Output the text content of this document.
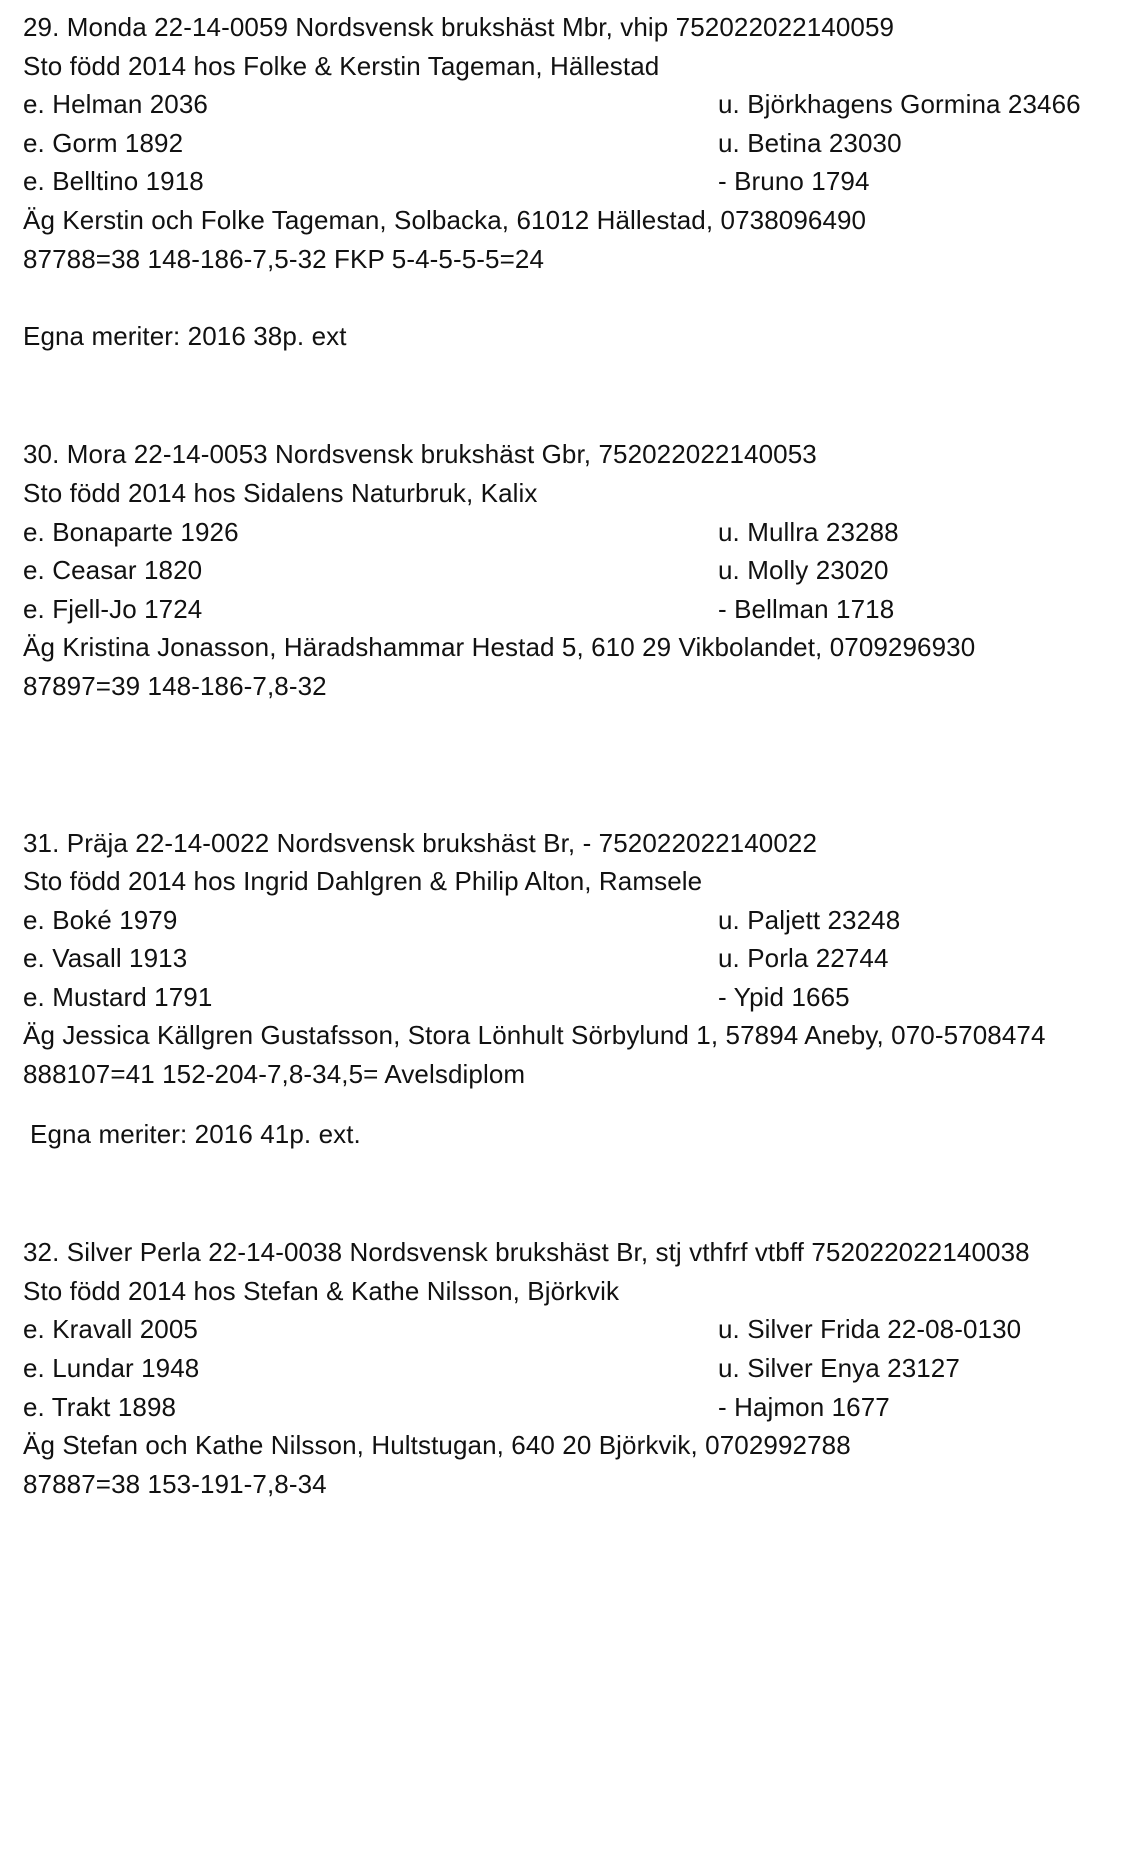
29. Monda 22-14-0059 Nordsvensk brukshäst Mbr, vhip 752022022140059
Sto född 2014 hos Folke & Kerstin Tageman, Hällestad
e. Helman 2036	u. Björkhagens Gormina 23466
e. Gorm 1892	u. Betina 23030
e. Belltino 1918	- Bruno 1794
Äg Kerstin och Folke Tageman, Solbacka, 61012 Hällestad, 0738096490
87788=38 148-186-7,5-32 FKP 5-4-5-5-5=24
Egna meriter: 2016 38p. ext
30. Mora 22-14-0053 Nordsvensk brukshäst Gbr, 752022022140053
Sto född 2014 hos Sidalens Naturbruk, Kalix
e. Bonaparte 1926	u. Mullra 23288
e. Ceasar 1820	u. Molly 23020
e. Fjell-Jo 1724	- Bellman 1718
Äg Kristina Jonasson, Häradshammar Hestad 5, 610 29 Vikbolandet, 0709296930
87897=39 148-186-7,8-32
31. Präja 22-14-0022 Nordsvensk brukshäst Br, - 752022022140022
Sto född 2014 hos Ingrid Dahlgren & Philip Alton, Ramsele
e. Boké 1979	u. Paljett 23248
e. Vasall 1913	u. Porla 22744
e. Mustard 1791	- Ypid 1665
Äg Jessica Källgren Gustafsson, Stora Lönhult Sörbylund 1, 57894 Aneby, 070-5708474
888107=41 152-204-7,8-34,5= Avelsdiplom
Egna meriter: 2016 41p. ext.
32. Silver Perla 22-14-0038 Nordsvensk brukshäst Br, stj vthfrf vtbff 752022022140038
Sto född 2014 hos Stefan & Kathe Nilsson, Björkvik
e. Kravall 2005	u. Silver Frida 22-08-0130
e. Lundar 1948	u. Silver Enya 23127
e. Trakt 1898	- Hajmon 1677
Äg Stefan och Kathe Nilsson, Hultstugan, 640 20 Björkvik, 0702992788
87887=38 153-191-7,8-34
